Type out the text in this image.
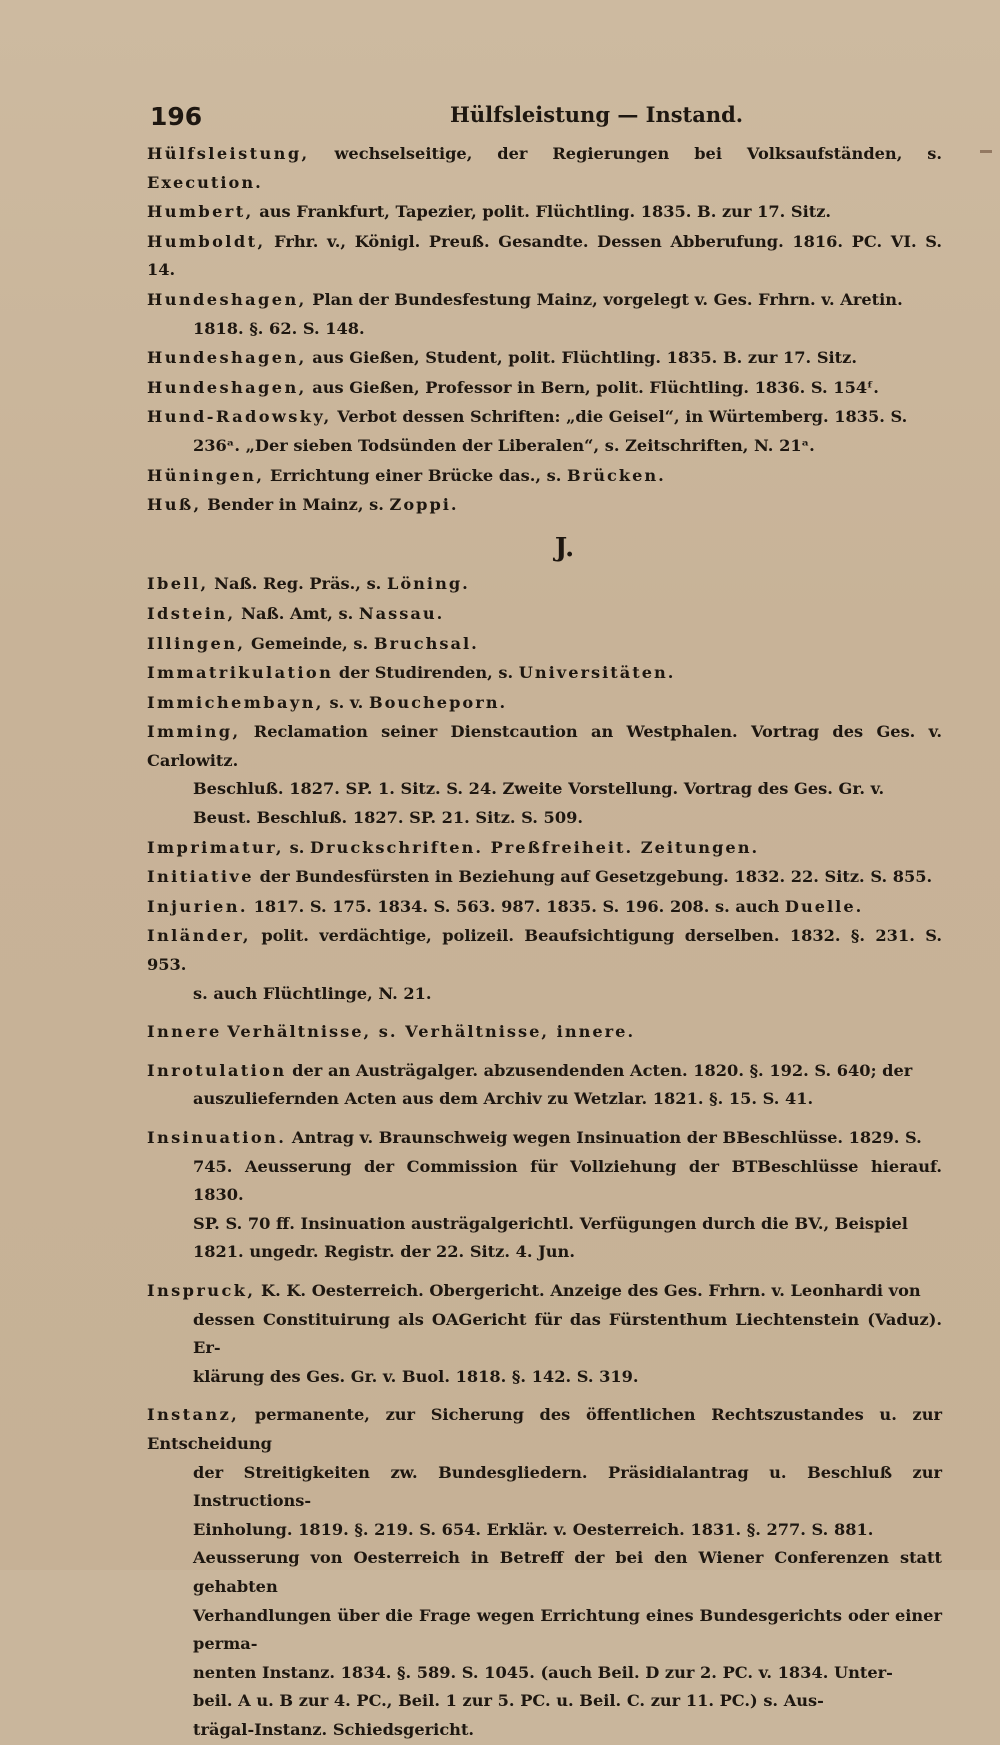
196	Hülfsleistung — Instand.
Hülfsleistung, wechselseitige, der Regierungen bei Volksaufständen, s. Execution.
Humbert, aus Frankfurt, Tapezier, polit. Flüchtling. 1835. B. zur 17. Sitz.
Humboldt, Frhr. v., Königl. Preuß. Gesandte. Dessen Abberufung. 1816. PC. VI. S. 14.
Hundeshagen, Plan der Bundesfestung Mainz, vorgelegt v. Ges. Frhrn. v. Aretin.
1818. §. 62. S. 148.
Hundeshagen, aus Gießen, Student, polit. Flüchtling. 1835. B. zur 17. Sitz.
Hundeshagen, aus Gießen, Professor in Bern, polit. Flüchtling. 1836. S. 154ᶠ.
Hund-Radowsky, Verbot dessen Schriften: „die Geisel“, in Würtemberg. 1835. S.
236ᵃ. „Der sieben Todsünden der Liberalen“, s. Zeitschriften, N. 21ᵃ.
Hüningen, Errichtung einer Brücke das., s. Brücken.
Huß, Bender in Mainz, s. Zoppi.
J.
Ibell, Naß. Reg. Präs., s. Löning.
Idstein, Naß. Amt, s. Nassau.
Illingen, Gemeinde, s. Bruchsal.
Immatrikulation der Studirenden, s. Universitäten.
Immichembayn, s. v. Boucheporn.
Imming, Reclamation seiner Dienstcaution an Westphalen. Vortrag des Ges. v. Carlowitz.
Beschluß. 1827. SP. 1. Sitz. S. 24. Zweite Vorstellung. Vortrag des Ges. Gr. v.
Beust. Beschluß. 1827. SP. 21. Sitz. S. 509.
Imprimatur, s. Druckschriften. Preßfreiheit. Zeitungen.
Initiative der Bundesfürsten in Beziehung auf Gesetzgebung. 1832. 22. Sitz. S. 855.
Injurien. 1817. S. 175. 1834. S. 563. 987. 1835. S. 196. 208. s. auch Duelle.
Inländer, polit. verdächtige, polizeil. Beaufsichtigung derselben. 1832. §. 231. S. 953.
s. auch Flüchtlinge, N. 21.
Innere Verhältnisse, s. Verhältnisse, innere.
Inrotulation der an Austrägalger. abzusendenden Acten. 1820. §. 192. S. 640; der
auszuliefernden Acten aus dem Archiv zu Wetzlar. 1821. §. 15. S. 41.
Insinuation. Antrag v. Braunschweig wegen Insinuation der BBeschlüsse. 1829. S.
745. Aeusserung der Commission für Vollziehung der BTBeschlüsse hierauf. 1830.
SP. S. 70 ff. Insinuation austrägalgerichtl. Verfügungen durch die BV., Beispiel
1821. ungedr. Registr. der 22. Sitz. 4. Jun.
Inspruck, K. K. Oesterreich. Obergericht. Anzeige des Ges. Frhrn. v. Leonhardi von
dessen Constituirung als OAGericht für das Fürstenthum Liechtenstein (Vaduz). Er-
klärung des Ges. Gr. v. Buol. 1818. §. 142. S. 319.
Instanz, permanente, zur Sicherung des öffentlichen Rechtszustandes u. zur Entscheidung
der Streitigkeiten zw. Bundesgliedern. Präsidialantrag u. Beschluß zur Instructions-
Einholung. 1819. §. 219. S. 654. Erklär. v. Oesterreich. 1831. §. 277. S. 881.
Aeusserung von Oesterreich in Betreff der bei den Wiener Conferenzen statt gehabten
Verhandlungen über die Frage wegen Errichtung eines Bundesgerichts oder einer perma-
nenten Instanz. 1834. §. 589. S. 1045. (auch Beil. D zur 2. PC. v. 1834. Unter-
beil. A u. B zur 4. PC., Beil. 1 zur 5. PC. u. Beil. C. zur 11. PC.) s. Aus-
trägal-Instanz. Schiedsgericht.
